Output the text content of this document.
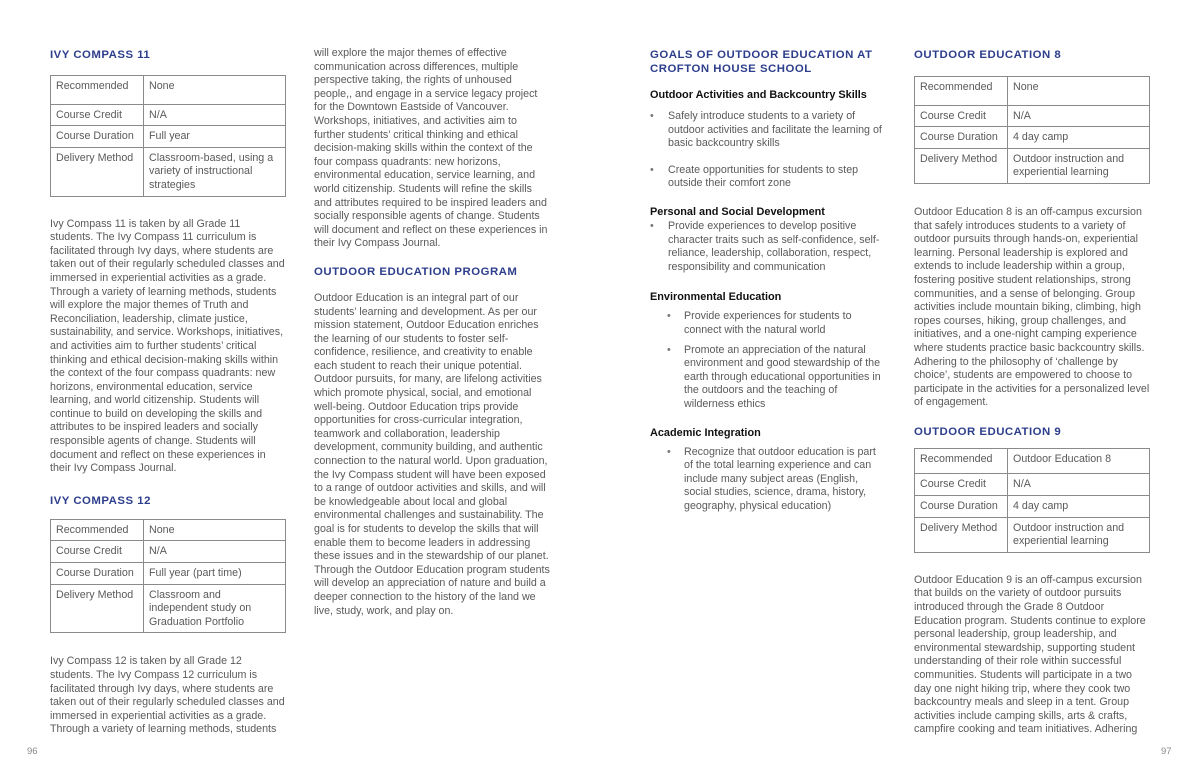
IVY COMPASS 11
Recommended	None
Course Credit	N/A
Course Duration	Full year
Delivery Method	Classroom-based, using a variety of instructional strategies

Ivy Compass 11 is taken by all Grade 11 students. The Ivy Compass 11 curriculum is facilitated through Ivy days, where students are taken out of their regularly scheduled classes and immersed in experiential activities as a grade. Through a variety of learning methods, students will explore the major themes of Truth and Reconciliation, leadership, climate justice, sustainability, and service. Workshops, initiatives, and activities aim to further students’ critical thinking and ethical decision-making skills within the context of the four compass quadrants: new horizons, environmental education, service learning, and world citizenship. Students will continue to build on developing the skills and attributes to be inspired leaders and socially responsible agents of change. Students will document and reflect on these experiences in their Ivy Compass Journal.

IVY COMPASS 12
Recommended	None
Course Credit	N/A
Course Duration	Full year (part time)
Delivery Method	Classroom and independent study on Graduation Portfolio

Ivy Compass 12 is taken by all Grade 12 students. The Ivy Compass 12 curriculum is facilitated through Ivy days, where students are taken out of their regularly scheduled classes and immersed in experiential activities as a grade. Through a variety of learning methods, students

will explore the major themes of effective communication across differences, multiple perspective taking, the rights of unhoused people,, and engage in a service legacy project for the Downtown Eastside of Vancouver. Workshops, initiatives, and activities aim to further students’ critical thinking and ethical decision-making skills within the context of the four compass quadrants: new horizons, environmental education, service learning, and world citizenship. Students will refine the skills and attributes required to be inspired leaders and socially responsible agents of change. Students will document and reflect on these experiences in their Ivy Compass Journal.

OUTDOOR EDUCATION PROGRAM

Outdoor Education is an integral part of our students’ learning and development. As per our mission statement, Outdoor Education enriches the learning of our students to foster self-confidence, resilience, and creativity to enable each student to reach their unique potential. Outdoor pursuits, for many, are lifelong activities which promote physical, social, and emotional well-being. Outdoor Education trips provide opportunities for cross-curricular integration, teamwork and collaboration, leadership development, community building, and authentic connection to the natural world. Upon graduation, the Ivy Compass student will have been exposed to a range of outdoor activities and skills, and will be knowledgeable about local and global environmental challenges and sustainability. The goal is for students to develop the skills that will enable them to become leaders in addressing these issues and in the stewardship of our planet. Through the Outdoor Education program students will develop an appreciation of nature and build a deeper connection to the history of the land we live, study, work, and play on.

GOALS OF OUTDOOR EDUCATION AT CROFTON HOUSE SCHOOL
Outdoor Activities and Backcountry Skills
• Safely introduce students to a variety of outdoor activities and facilitate the learning of basic backcountry skills
• Create opportunities for students to step outside their comfort zone
Personal and Social Development
• Provide experiences to develop positive character traits such as self-confidence, self-reliance, leadership, collaboration, respect, responsibility and communication
Environmental Education
• Provide experiences for students to connect with the natural world
• Promote an appreciation of the natural environment and good stewardship of the earth through educational opportunities in the outdoors and the teaching of wilderness ethics
Academic Integration
• Recognize that outdoor education is part of the total learning experience and can include many subject areas (English, social studies, science, drama, history, geography, physical education)
OUTDOOR EDUCATION 8
Recommended	None
Course Credit	N/A
Course Duration	4 day camp
Delivery Method	Outdoor instruction and experiential learning

Outdoor Education 8 is an off-campus excursion that safely introduces students to a variety of outdoor pursuits through hands-on, experiential learning. Personal leadership is explored and extends to include leadership within a group, fostering positive student relationships, strong communities, and a sense of belonging. Group activities include mountain biking, climbing, high ropes courses, hiking, group challenges, and initiatives, and a one-night camping experience where students practice basic backcountry skills. Adhering to the philosophy of ‘challenge by choice’, students are empowered to choose to participate in the activities for a personalized level of engagement.

OUTDOOR EDUCATION 9
Recommended	Outdoor Education 8
Course Credit	N/A
Course Duration	4 day camp
Delivery Method	Outdoor instruction and experiential learning

Outdoor Education 9 is an off-campus excursion that builds on the variety of outdoor pursuits introduced through the Grade 8 Outdoor Education program. Students continue to explore personal leadership, group leadership, and environmental stewardship, supporting student understanding of their role within successful communities. Students will participate in a two day one night hiking trip, where they cook two backcountry meals and sleep in a tent. Group activities include camping skills, arts & crafts, campfire cooking and team initiatives. Adhering

96	97
